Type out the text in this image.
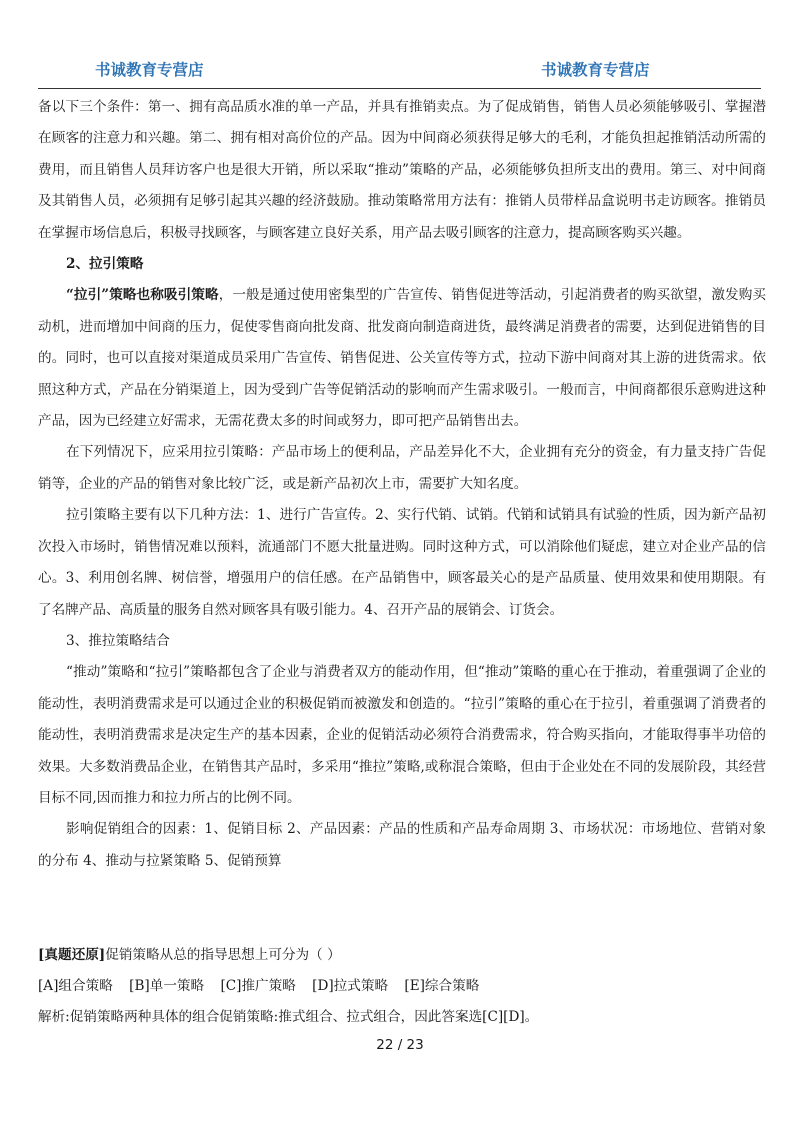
书诚教育专营店	书诚教育专营店

备以下三个条件：第一、拥有高品质水准的单一产品，并具有推销卖点。为了促成销售，销售人员必须能够吸引、掌握潜在顾客的注意力和兴趣。第二、拥有相对高价位的产品。因为中间商必须获得足够大的毛利，才能负担起推销活动所需的费用，而且销售人员拜访客户也是很大开销，所以采取“推动”策略的产品，必须能够负担所支出的费用。第三、对中间商及其销售人员，必须拥有足够引起其兴趣的经济鼓励。推动策略常用方法有：推销人员带样品盒说明书走访顾客。推销员在掌握市场信息后，积极寻找顾客，与顾客建立良好关系，用产品去吸引顾客的注意力，提高顾客购买兴趣。

2、拉引策略

“拉引”策略也称吸引策略，一般是通过使用密集型的广告宣传、销售促进等活动，引起消费者的购买欲望，激发购买动机，进而增加中间商的压力，促使零售商向批发商、批发商向制造商进货，最终满足消费者的需要，达到促进销售的目的。同时，也可以直接对渠道成员采用广告宣传、销售促进、公关宣传等方式，拉动下游中间商对其上游的进货需求。依照这种方式，产品在分销渠道上，因为受到广告等促销活动的影响而产生需求吸引。一般而言，中间商都很乐意购进这种产品，因为已经建立好需求，无需花费太多的时间或努力，即可把产品销售出去。

在下列情况下，应采用拉引策略：产品市场上的便利品，产品差异化不大，企业拥有充分的资金，有力量支持广告促销等，企业的产品的销售对象比较广泛，或是新产品初次上市，需要扩大知名度。

拉引策略主要有以下几种方法：1、进行广告宣传。2、实行代销、试销。代销和试销具有试验的性质，因为新产品初次投入市场时，销售情况难以预料，流通部门不愿大批量进购。同时这种方式，可以消除他们疑虑，建立对企业产品的信心。3、利用创名牌、树信誉，增强用户的信任感。在产品销售中，顾客最关心的是产品质量、使用效果和使用期限。有了名牌产品、高质量的服务自然对顾客具有吸引能力。4、召开产品的展销会、订货会。

3、推拉策略结合

“推动”策略和“拉引”策略都包含了企业与消费者双方的能动作用，但“推动”策略的重心在于推动，着重强调了企业的能动性，表明消费需求是可以通过企业的积极促销而被激发和创造的。“拉引”策略的重心在于拉引，着重强调了消费者的能动性，表明消费需求是决定生产的基本因素，企业的促销活动必须符合消费需求，符合购买指向，才能取得事半功倍的效果。大多数消费品企业，在销售其产品时，多采用“推拉”策略,或称混合策略，但由于企业处在不同的发展阶段，其经营目标不同,因而推力和拉力所占的比例不同。

影响促销组合的因素：1、促销目标 2、产品因素：产品的性质和产品寿命周期 3、市场状况：市场地位、营销对象的分布 4、推动与拉紧策略 5、促销预算

[真题还原]促销策略从总的指导思想上可分为（ ）

[A]组合策略 [B]单一策略 [C]推广策略 [D]拉式策略 [E]综合策略

解析:促销策略两种具体的组合促销策略:推式组合、拉式组合，因此答案选[C][D]。

22 / 23
